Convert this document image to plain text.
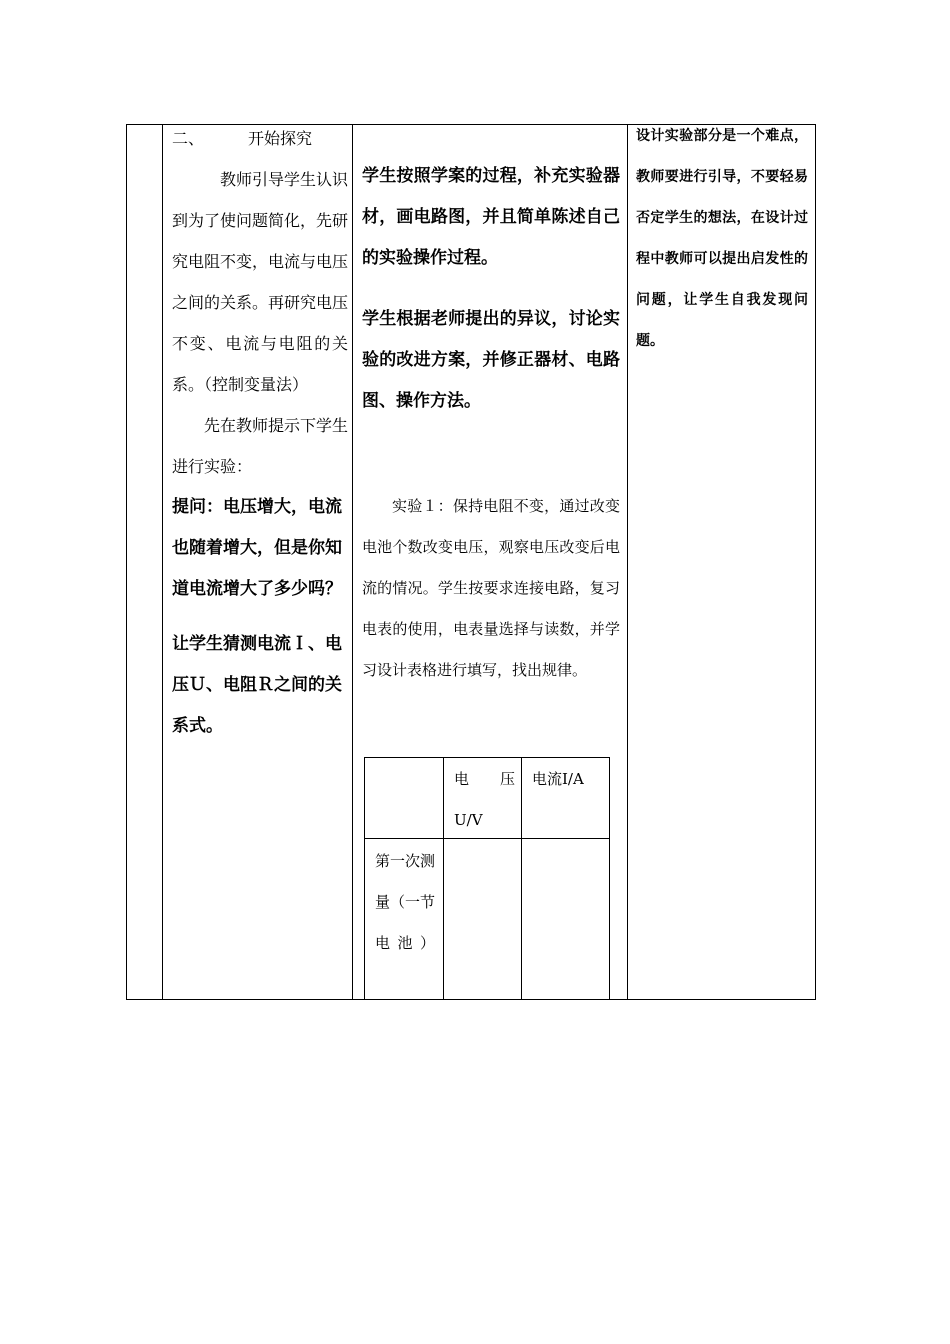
二、	开始探究

教师引导学生认识到为了使问题简化，先研究电阻不变，电流与电压之间的关系。再研究电压不变、电流与电阻的关系。（控制变量法）

先在教师提示下学生进行实验：

提问：电压增大，电流也随着增大，但是你知道电流增大了多少吗？

让学生猜测电流Ｉ、电压Ｕ、电阻Ｒ之间的关系式。

学生按照学案的过程，补充实验器材，画电路图，并且简单陈述自己的实验操作过程。

学生根据老师提出的异议，讨论实验的改进方案，并修正器材、电路图、操作方法。

实验１：保持电阻不变，通过改变电池个数改变电压，观察电压改变后电流的情况。学生按要求连接电路，复习电表的使用，电表量选择与读数，并学习设计表格进行填写，找出规律。

电　　压U/V
电流I/A
第一次测量（一节电池）

设计实验部分是一个难点，教师要进行引导，不要轻易否定学生的想法，在设计过程中教师可以提出启发性的问题，让学生自我发现问题。
